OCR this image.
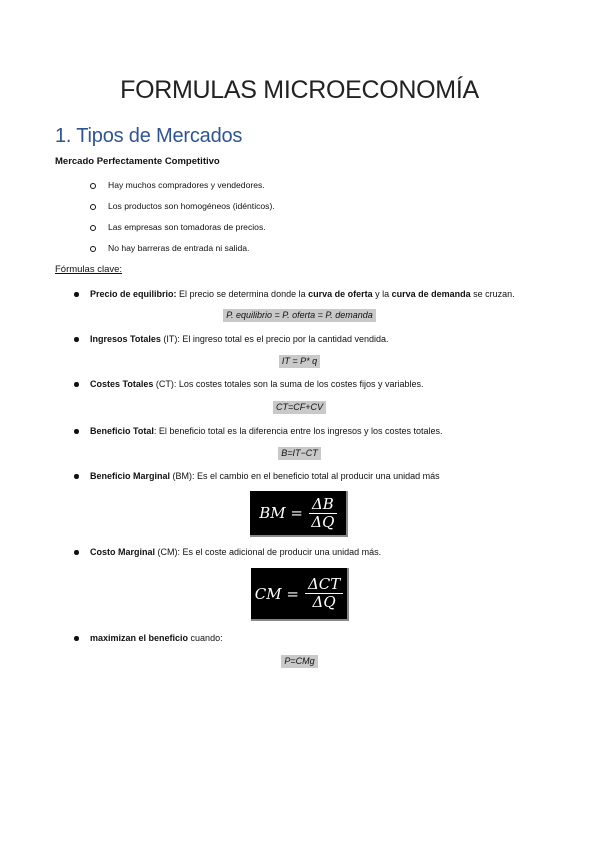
FORMULAS MICROECONOMÍA
1. Tipos de Mercados
Mercado Perfectamente Competitivo
Hay muchos compradores y vendedores.
Los productos son homogéneos (idénticos).
Las empresas son tomadoras de precios.
No hay barreras de entrada ni salida.
Fórmulas clave:
Precio de equilibrio: El precio se determina donde la curva de oferta y la curva de demanda se cruzan.
P. equilibrio = P. oferta = P. demanda
Ingresos Totales (IT): El ingreso total es el precio por la cantidad vendida.
IT = P* q
Costes Totales (CT): Los costes totales son la suma de los costes fijos y variables.
CT=CF+CV
Beneficio Total: El beneficio total es la diferencia entre los ingresos y los costes totales.
B=IT−CT
Beneficio Marginal (BM): Es el cambio en el beneficio total al producir una unidad más
BM
= $\frac{\Delta B}{\Delta Q}$
Costo Marginal (CM): Es el coste adicional de producir una unidad más.
CM
= $\frac{\text{ΔCT}}{\Delta Q}$
maximizan el beneficio cuando:
P=CMg
